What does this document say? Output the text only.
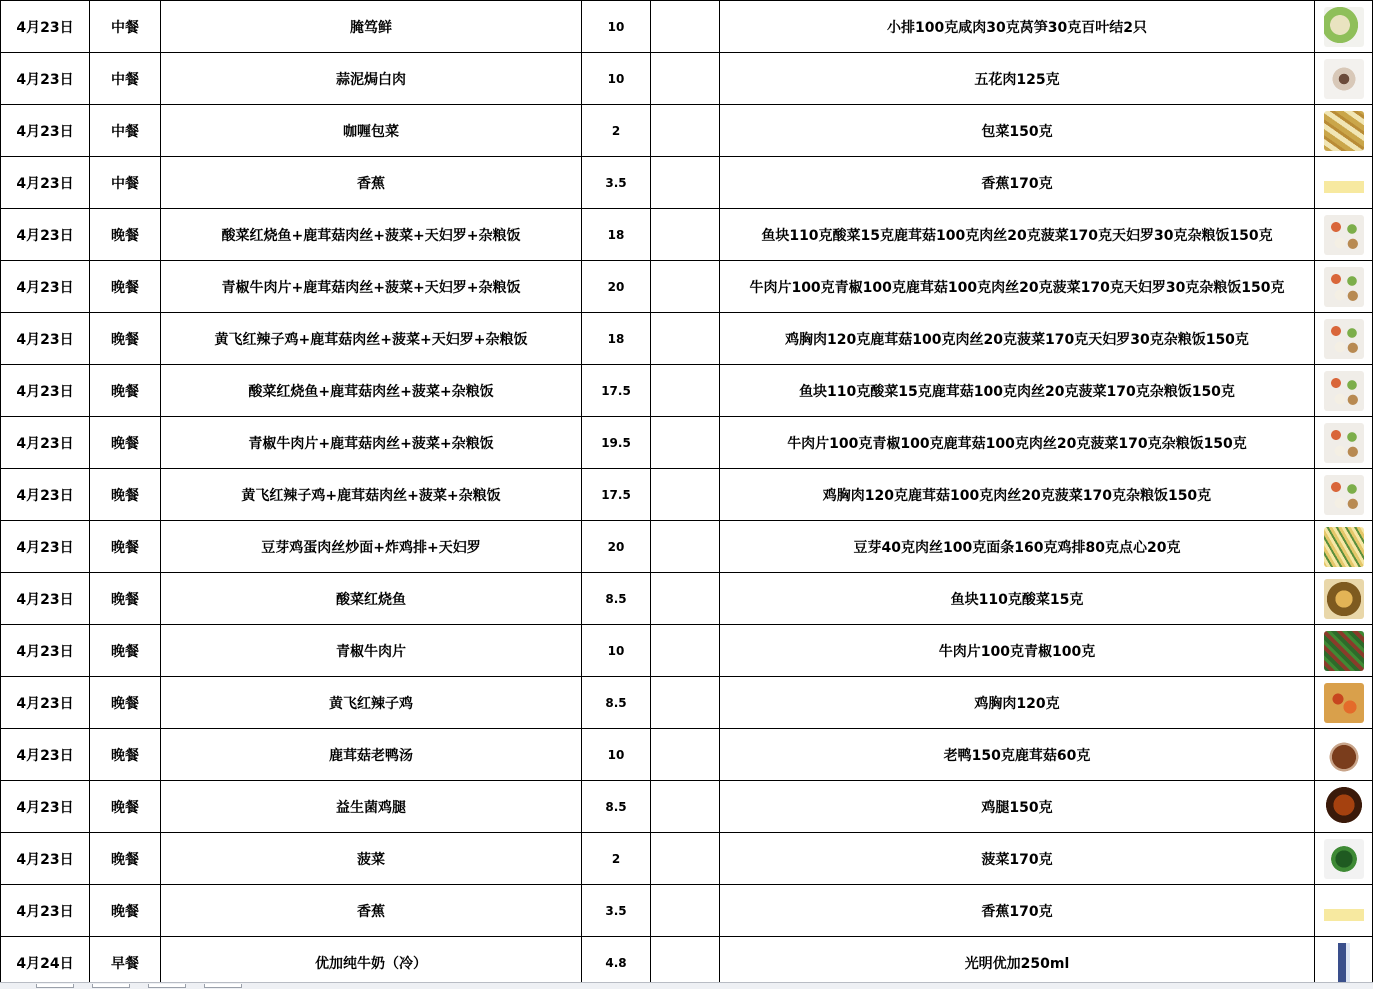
4月23日	中餐	腌笃鲜	10		小排100克咸肉30克莴笋30克百叶结2只	

4月23日	中餐	蒜泥焗白肉	10		五花肉125克	

4月23日	中餐	咖喱包菜	2		包菜150克	

4月23日	中餐	香蕉	3.5		香蕉170克	

4月23日	晚餐	酸菜红烧鱼+鹿茸菇肉丝+菠菜+天妇罗+杂粮饭	18		鱼块110克酸菜15克鹿茸菇100克肉丝20克菠菜170克天妇罗30克杂粮饭150克	

4月23日	晚餐	青椒牛肉片+鹿茸菇肉丝+菠菜+天妇罗+杂粮饭	20		牛肉片100克青椒100克鹿茸菇100克肉丝20克菠菜170克天妇罗30克杂粮饭150克	

4月23日	晚餐	黄飞红辣子鸡+鹿茸菇肉丝+菠菜+天妇罗+杂粮饭	18		鸡胸肉120克鹿茸菇100克肉丝20克菠菜170克天妇罗30克杂粮饭150克	

4月23日	晚餐	酸菜红烧鱼+鹿茸菇肉丝+菠菜+杂粮饭	17.5		鱼块110克酸菜15克鹿茸菇100克肉丝20克菠菜170克杂粮饭150克	

4月23日	晚餐	青椒牛肉片+鹿茸菇肉丝+菠菜+杂粮饭	19.5		牛肉片100克青椒100克鹿茸菇100克肉丝20克菠菜170克杂粮饭150克	

4月23日	晚餐	黄飞红辣子鸡+鹿茸菇肉丝+菠菜+杂粮饭	17.5		鸡胸肉120克鹿茸菇100克肉丝20克菠菜170克杂粮饭150克	

4月23日	晚餐	豆芽鸡蛋肉丝炒面+炸鸡排+天妇罗	20		豆芽40克肉丝100克面条160克鸡排80克点心20克	

4月23日	晚餐	酸菜红烧鱼	8.5		鱼块110克酸菜15克	

4月23日	晚餐	青椒牛肉片	10		牛肉片100克青椒100克	

4月23日	晚餐	黄飞红辣子鸡	8.5		鸡胸肉120克	

4月23日	晚餐	鹿茸菇老鸭汤	10		老鸭150克鹿茸菇60克	

4月23日	晚餐	益生菌鸡腿	8.5		鸡腿150克	

4月23日	晚餐	菠菜	2		菠菜170克	

4月23日	晚餐	香蕉	3.5		香蕉170克	

4月24日	早餐	优加纯牛奶（冷）	4.8		光明优加250ml	
